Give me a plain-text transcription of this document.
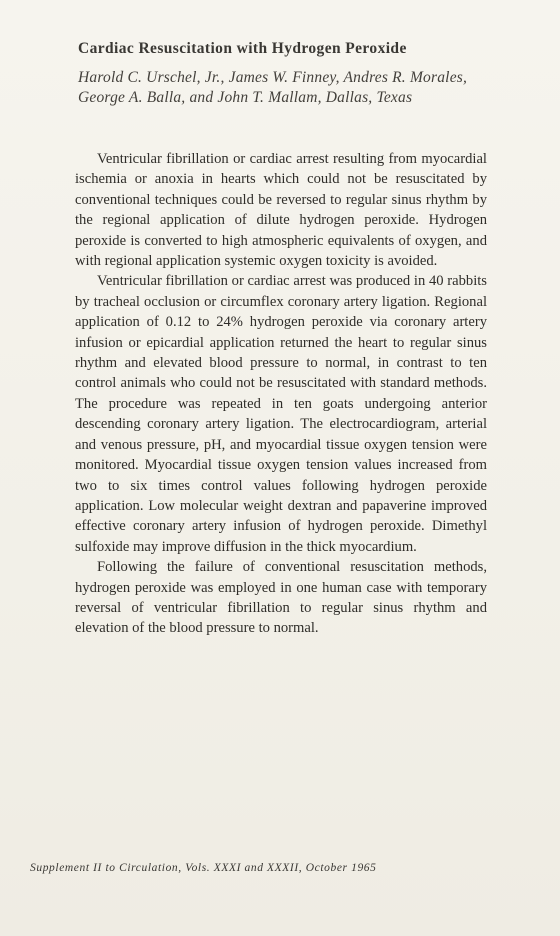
Cardiac Resuscitation with Hydrogen Peroxide
Harold C. Urschel, Jr., James W. Finney, Andres R. Morales, George A. Balla, and John T. Mallam, Dallas, Texas

Ventricular fibrillation or cardiac arrest resulting from myocardial ischemia or anoxia in hearts which could not be resuscitated by conventional techniques could be reversed to regular sinus rhythm by the regional application of dilute hydrogen peroxide. Hydrogen peroxide is converted to high atmospheric equivalents of oxygen, and with regional application systemic oxygen toxicity is avoided.

Ventricular fibrillation or cardiac arrest was produced in 40 rabbits by tracheal occlusion or circumflex coronary artery ligation. Regional application of 0.12 to 24% hydrogen peroxide via coronary artery infusion or epicardial application returned the heart to regular sinus rhythm and elevated blood pressure to normal, in contrast to ten control animals who could not be resuscitated with standard methods. The procedure was repeated in ten goats undergoing anterior descending coronary artery ligation. The electrocardiogram, arterial and venous pressure, pH, and myocardial tissue oxygen tension were monitored. Myocardial tissue oxygen tension values increased from two to six times control values following hydrogen peroxide application. Low molecular weight dextran and papaverine improved effective coronary artery infusion of hydrogen peroxide. Dimethyl sulfoxide may improve diffusion in the thick myocardium.

Following the failure of conventional resuscitation methods, hydrogen peroxide was employed in one human case with temporary reversal of ventricular fibrillation to regular sinus rhythm and elevation of the blood pressure to normal.

Supplement II to Circulation, Vols. XXXI and XXXII, October 1965
